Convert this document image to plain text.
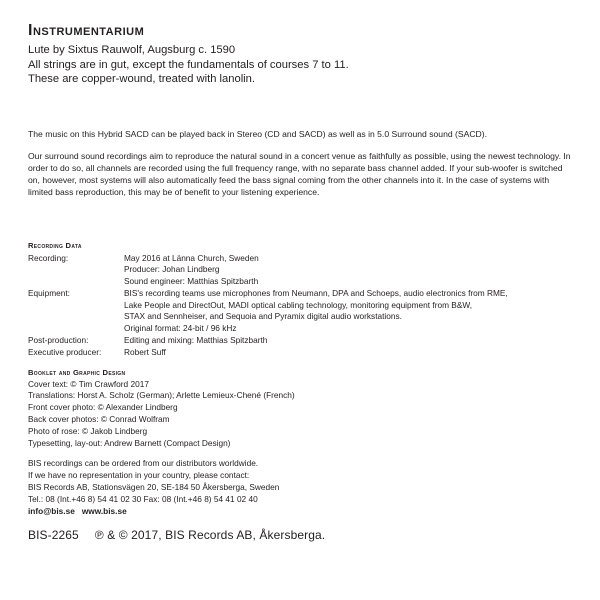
Instrumentarium

Lute by Sixtus Rauwolf, Augsburg c. 1590

All strings are in gut, except the fundamentals of courses 7 to 11.

These are copper-wound, treated with lanolin.

The music on this Hybrid SACD can be played back in Stereo (CD and SACD) as well as in 5.0 Surround sound (SACD).

Our surround sound recordings aim to reproduce the natural sound in a concert venue as faithfully as possible, using the newest technology. In order to do so, all channels are recorded using the full frequency range, with no separate bass channel added. If your sub-woofer is switched on, however, most systems will also automatically feed the bass signal coming from the other channels into it. In the case of systems with limited bass reproduction, this may be of benefit to your listening experience.

Recording Data
Recording:	May 2016 at Länna Church, Sweden
Producer: Johan Lindberg
Sound engineer: Matthias Spitzbarth
Equipment:	BIS's recording teams use microphones from Neumann, DPA and Schoeps, audio electronics from RME,
Lake People and DirectOut, MADI optical cabling technology, monitoring equipment from B&W,
STAX and Sennheiser, and Sequoia and Pyramix digital audio workstations.
Original format: 24-bit / 96 kHz
Post-production:	Editing and mixing: Matthias Spitzbarth
Executive producer:	Robert Suff
Booklet and Graphic Design
Cover text: © Tim Crawford 2017
Translations: Horst A. Scholz (German); Arlette Lemieux-Chené (French)
Front cover photo: © Alexander Lindberg
Back cover photos: © Conrad Wolfram
Photo of rose: © Jakob Lindberg
Typesetting, lay-out: Andrew Barnett (Compact Design)
BIS recordings can be ordered from our distributors worldwide.
If we have no representation in your country, please contact:
BIS Records AB, Stationsvägen 20, SE-184 50 Åkersberga, Sweden
Tel.: 08 (Int.+46 8) 54 41 02 30 Fax: 08 (Int.+46 8) 54 41 02 40
info@bis.se www.bis.se
BIS-2265 ℗ & © 2017, BIS Records AB, Åkersberga.
